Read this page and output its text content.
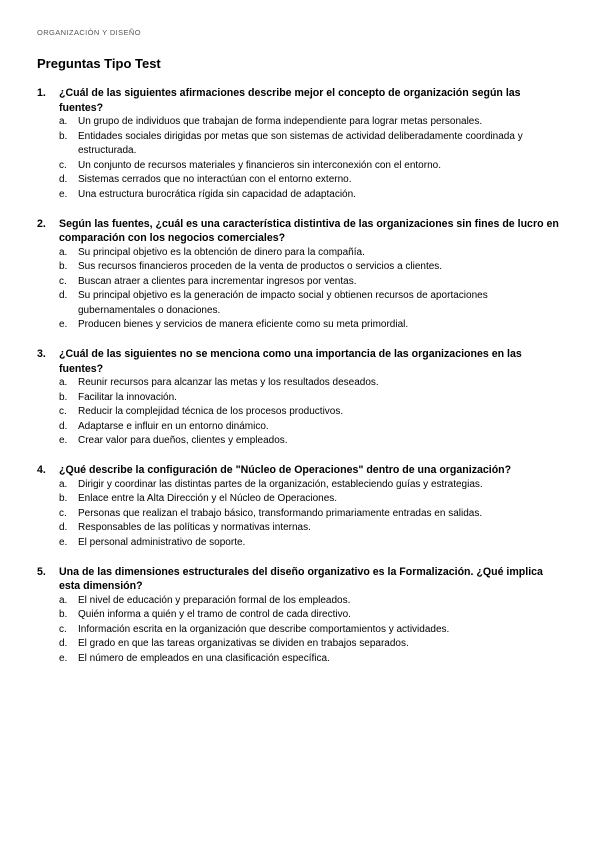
ORGANIZACIÓN Y DISEÑO
Preguntas Tipo Test
1.	¿Cuál de las siguientes afirmaciones describe mejor el concepto de organización según las fuentes?
a.	Un grupo de individuos que trabajan de forma independiente para lograr metas personales.
b.	Entidades sociales dirigidas por metas que son sistemas de actividad deliberadamente coordinada y estructurada.
c.	Un conjunto de recursos materiales y financieros sin interconexión con el entorno.
d.	Sistemas cerrados que no interactúan con el entorno externo.
e.	Una estructura burocrática rígida sin capacidad de adaptación.
2.	Según las fuentes, ¿cuál es una característica distintiva de las organizaciones sin fines de lucro en comparación con los negocios comerciales?
a.	Su principal objetivo es la obtención de dinero para la compañía.
b.	Sus recursos financieros proceden de la venta de productos o servicios a clientes.
c.	Buscan atraer a clientes para incrementar ingresos por ventas.
d.	Su principal objetivo es la generación de impacto social y obtienen recursos de aportaciones gubernamentales o donaciones.
e.	Producen bienes y servicios de manera eficiente como su meta primordial.
3.	¿Cuál de las siguientes no se menciona como una importancia de las organizaciones en las fuentes?
a.	Reunir recursos para alcanzar las metas y los resultados deseados.
b.	Facilitar la innovación.
c.	Reducir la complejidad técnica de los procesos productivos.
d.	Adaptarse e influir en un entorno dinámico.
e.	Crear valor para dueños, clientes y empleados.
4.	¿Qué describe la configuración de "Núcleo de Operaciones" dentro de una organización?
a.	Dirigir y coordinar las distintas partes de la organización, estableciendo guías y estrategias.
b.	Enlace entre la Alta Dirección y el Núcleo de Operaciones.
c.	Personas que realizan el trabajo básico, transformando primariamente entradas en salidas.
d.	Responsables de las políticas y normativas internas.
e.	El personal administrativo de soporte.
5.	Una de las dimensiones estructurales del diseño organizativo es la Formalización. ¿Qué implica esta dimensión?
a.	El nivel de educación y preparación formal de los empleados.
b.	Quién informa a quién y el tramo de control de cada directivo.
c.	Información escrita en la organización que describe comportamientos y actividades.
d.	El grado en que las tareas organizativas se dividen en trabajos separados.
e.	El número de empleados en una clasificación específica.
